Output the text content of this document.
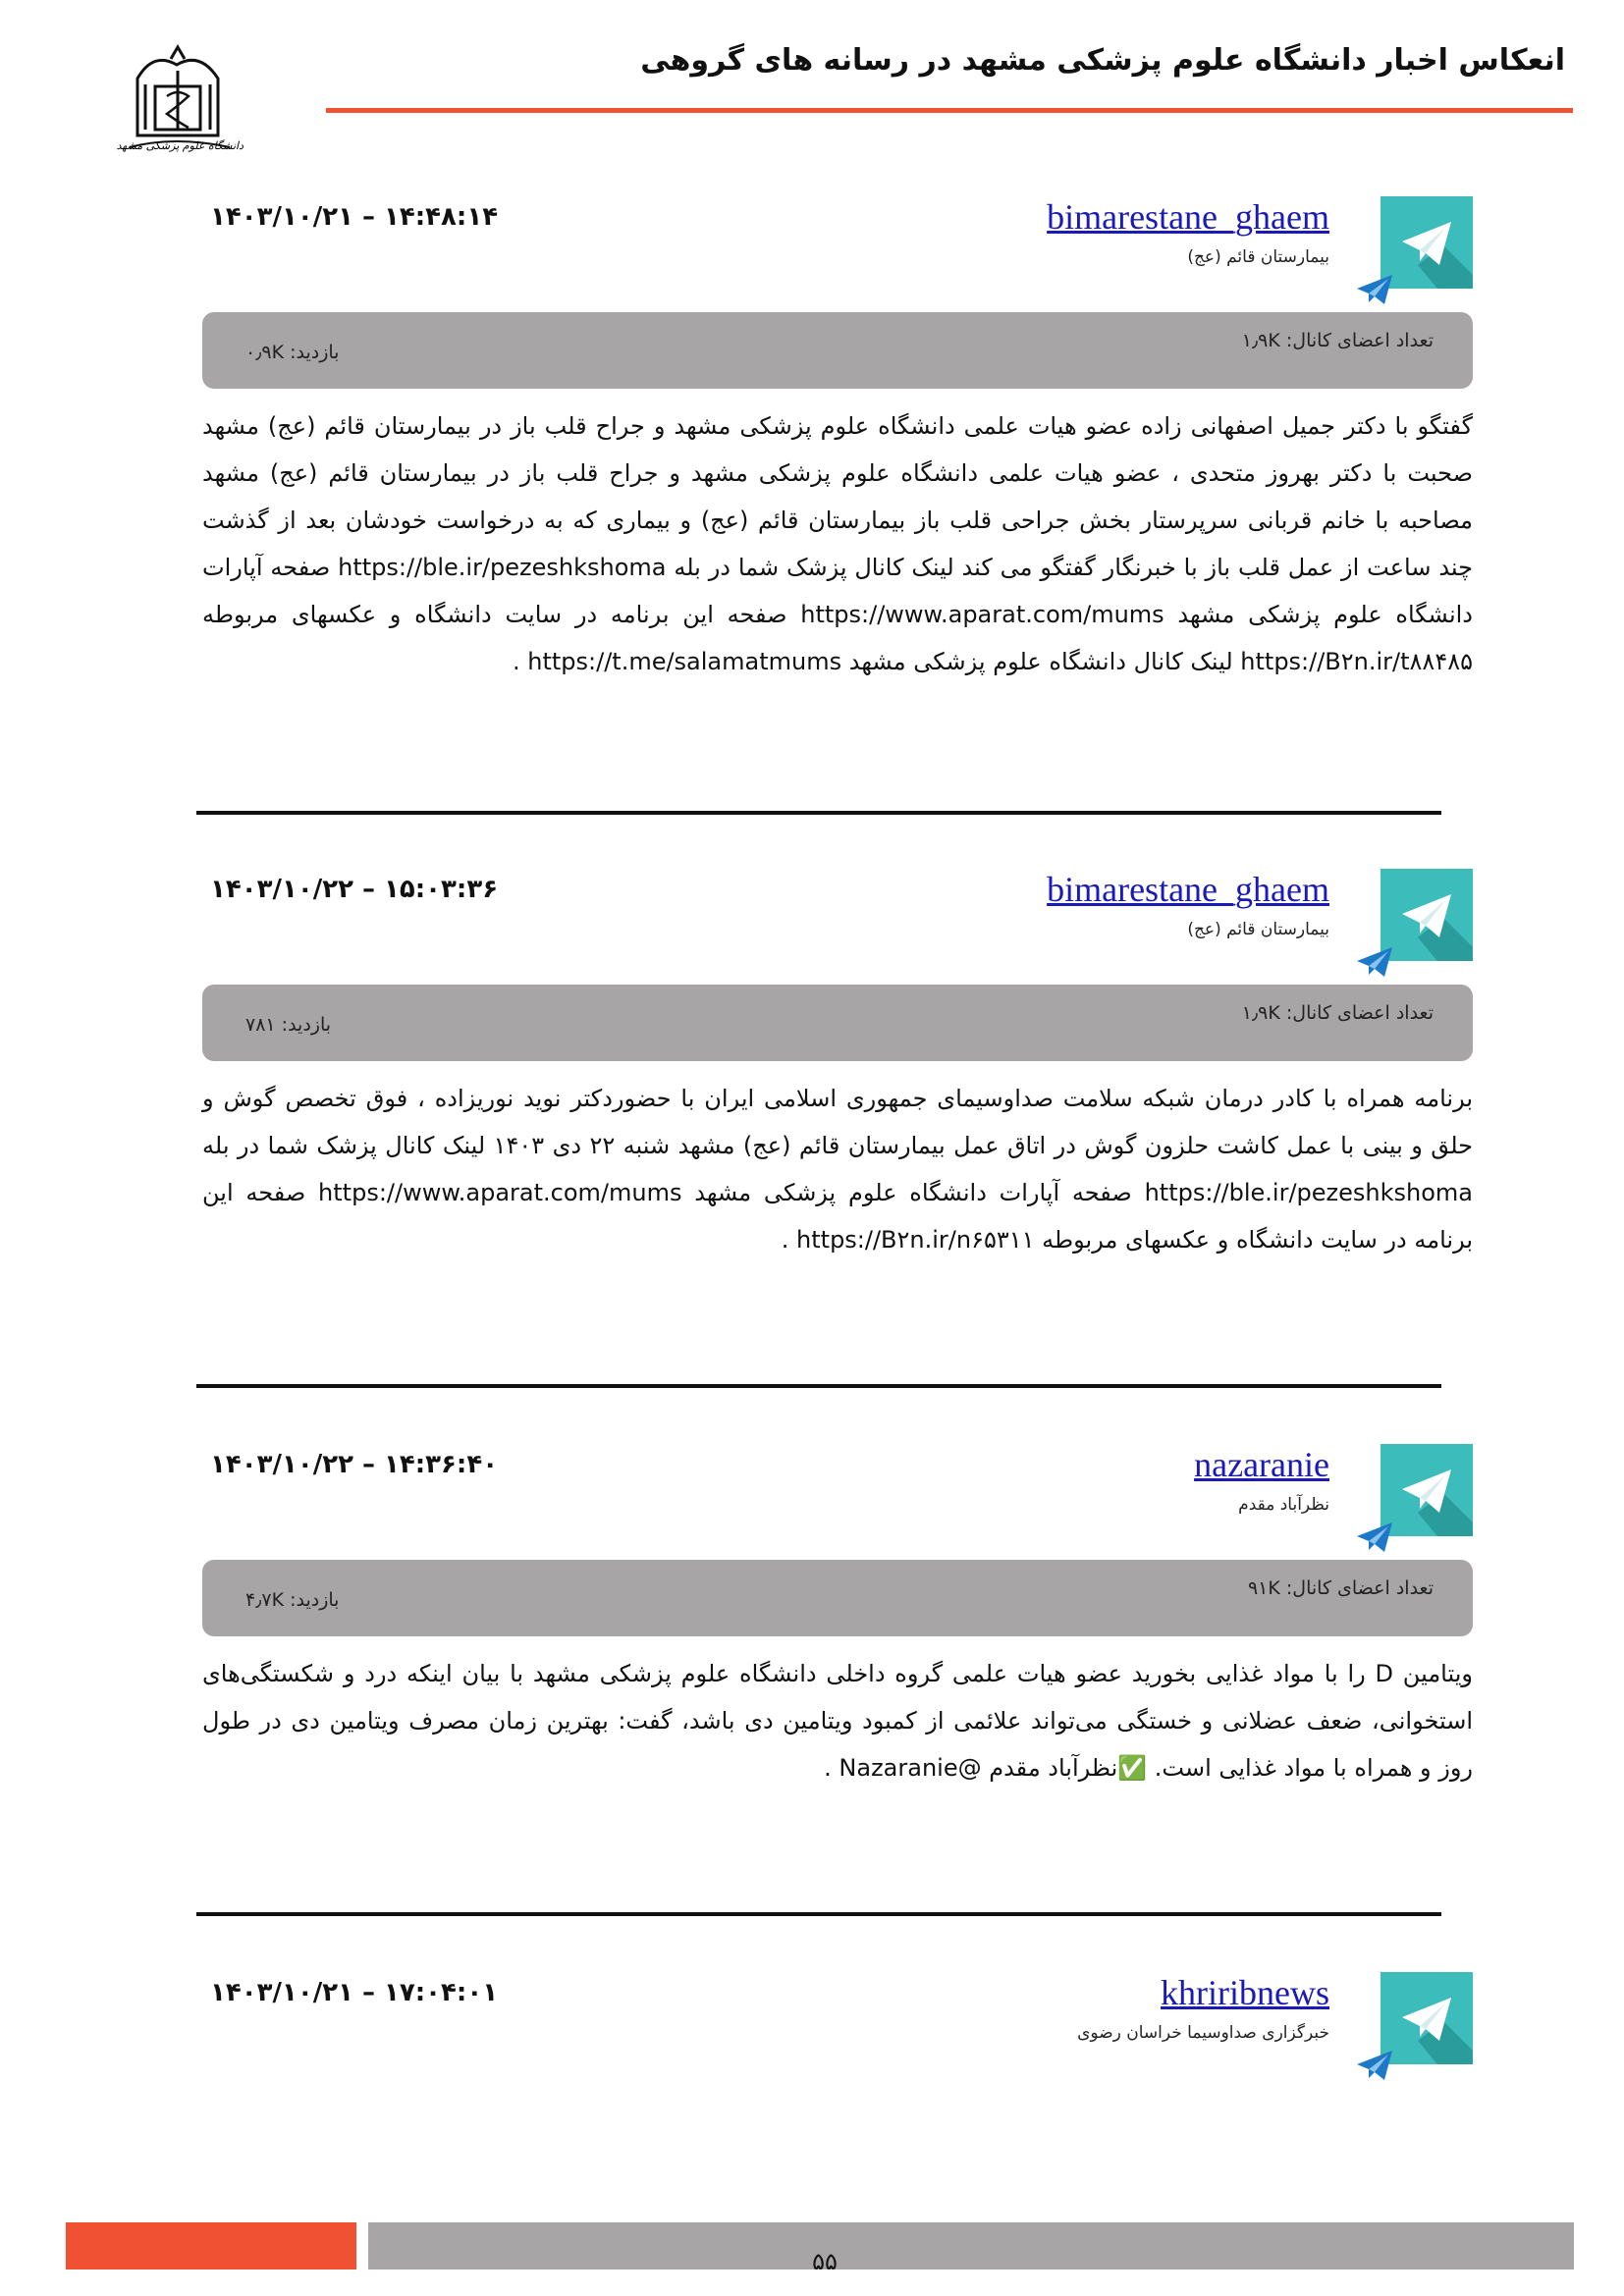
دانشگاه علوم پزشکی مشهد
انعکاس اخبار دانشگاه علوم پزشکی مشهد در رسانه های گروهی
bimarestane_ghaem
بیمارستان قائم (عج)
۱۴۰۳/۱۰/۲۱ – ۱۴:۴۸:۱۴
تعداد اعضای کانال: ۱٫۹K
بازدید: ۰٫۹K
گفتگو با دکتر جمیل اصفهانی زاده عضو هیات علمی دانشگاه علوم پزشکی مشهد و جراح قلب باز در بیمارستان قائم (عج) مشهد صحبت با دکتر بهروز متحدی ، عضو هیات علمی دانشگاه علوم پزشکی مشهد و جراح قلب باز در بیمارستان قائم (عج) مشهد مصاحبه با خانم قربانی سرپرستار بخش جراحی قلب باز بیمارستان قائم (عج) و بیماری که به درخواست خودشان بعد از گذشت چند ساعت از عمل قلب باز با خبرنگار گفتگو می کند لینک کانال پزشک شما در بله https://ble.ir/pezeshkshoma صفحه آپارات دانشگاه علوم پزشکی مشهد https://www.aparat.com/mums صفحه این برنامه در سایت دانشگاه و عکسهای مربوطه https://B۲n.ir/t۸۸۴۸۵ لینک کانال دانشگاه علوم پزشکی مشهد https://t.me/salamatmums .
bimarestane_ghaem
بیمارستان قائم (عج)
۱۴۰۳/۱۰/۲۲ – ۱۵:۰۳:۳۶
تعداد اعضای کانال: ۱٫۹K
بازدید: ۷۸۱
برنامه همراه با کادر درمان شبکه سلامت صداوسیمای جمهوری اسلامی ایران با حضوردکتر نوید نوریزاده ، فوق تخصص گوش و حلق و بینی با عمل کاشت حلزون گوش در اتاق عمل بیمارستان قائم (عج) مشهد شنبه ۲۲ دی ۱۴۰۳ لینک کانال پزشک شما در بله https://ble.ir/pezeshkshoma صفحه آپارات دانشگاه علوم پزشکی مشهد https://www.aparat.com/mums صفحه این برنامه در سایت دانشگاه و عکسهای مربوطه https://B۲n.ir/n۶۵۳۱۱ .
nazaranie
نظرآباد مقدم
۱۴۰۳/۱۰/۲۲ – ۱۴:۳۶:۴۰
تعداد اعضای کانال: ۹۱K
بازدید: ۴٫۷K
ویتامین D را با مواد غذایی بخورید عضو هیات علمی گروه داخلی دانشگاه علوم پزشکی مشهد با بیان اینکه درد و شکستگی‌های استخوانی، ضعف عضلانی و خستگی می‌تواند علائمی از کمبود ویتامین دی باشد، گفت: بهترین زمان مصرف ویتامین دی در طول روز و همراه با مواد غذایی است. ✅نظرآباد مقدم @Nazaranie .
khriribnews
خبرگزاری صداوسیما خراسان رضوی
۱۴۰۳/۱۰/۲۱ – ۱۷:۰۴:۰۱
۵۵
